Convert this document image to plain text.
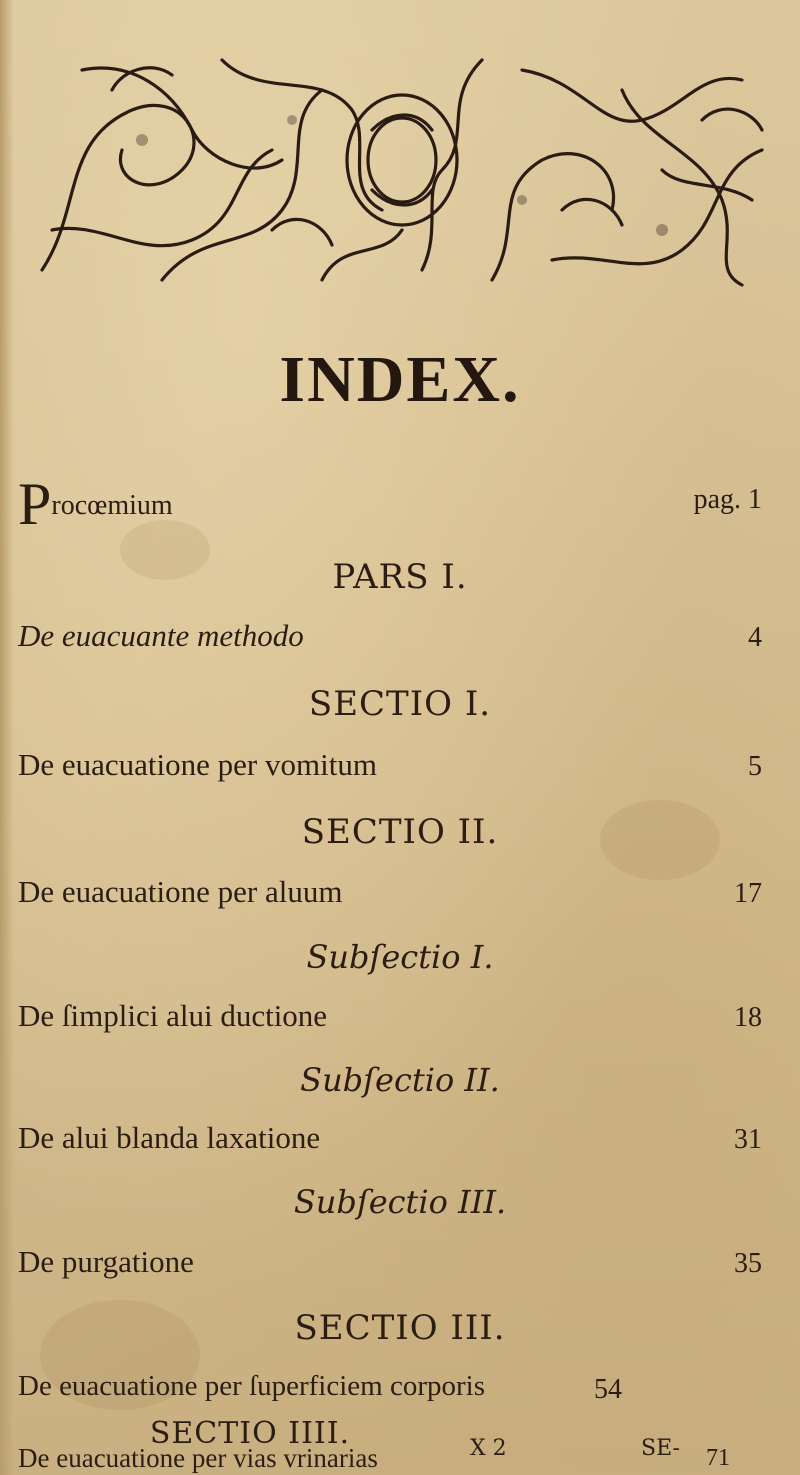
INDEX.
Procœmium	pag. 1
PARS I.
De euacuante methodo	4
SECTIO I.
De euacuatione per vomitum	5
SECTIO II.
De euacuatione per aluum	17
Subſectio I.
De ſimplici alui ductione	18
Subſectio II.
De alui blanda laxatione	31
Subſectio III.
De purgatione	35
SECTIO III.
De euacuatione per ſuperficiem corporis	54
SECTIO IIII.
De euacuatione per vias vrinarias	71
X 2	SE-
